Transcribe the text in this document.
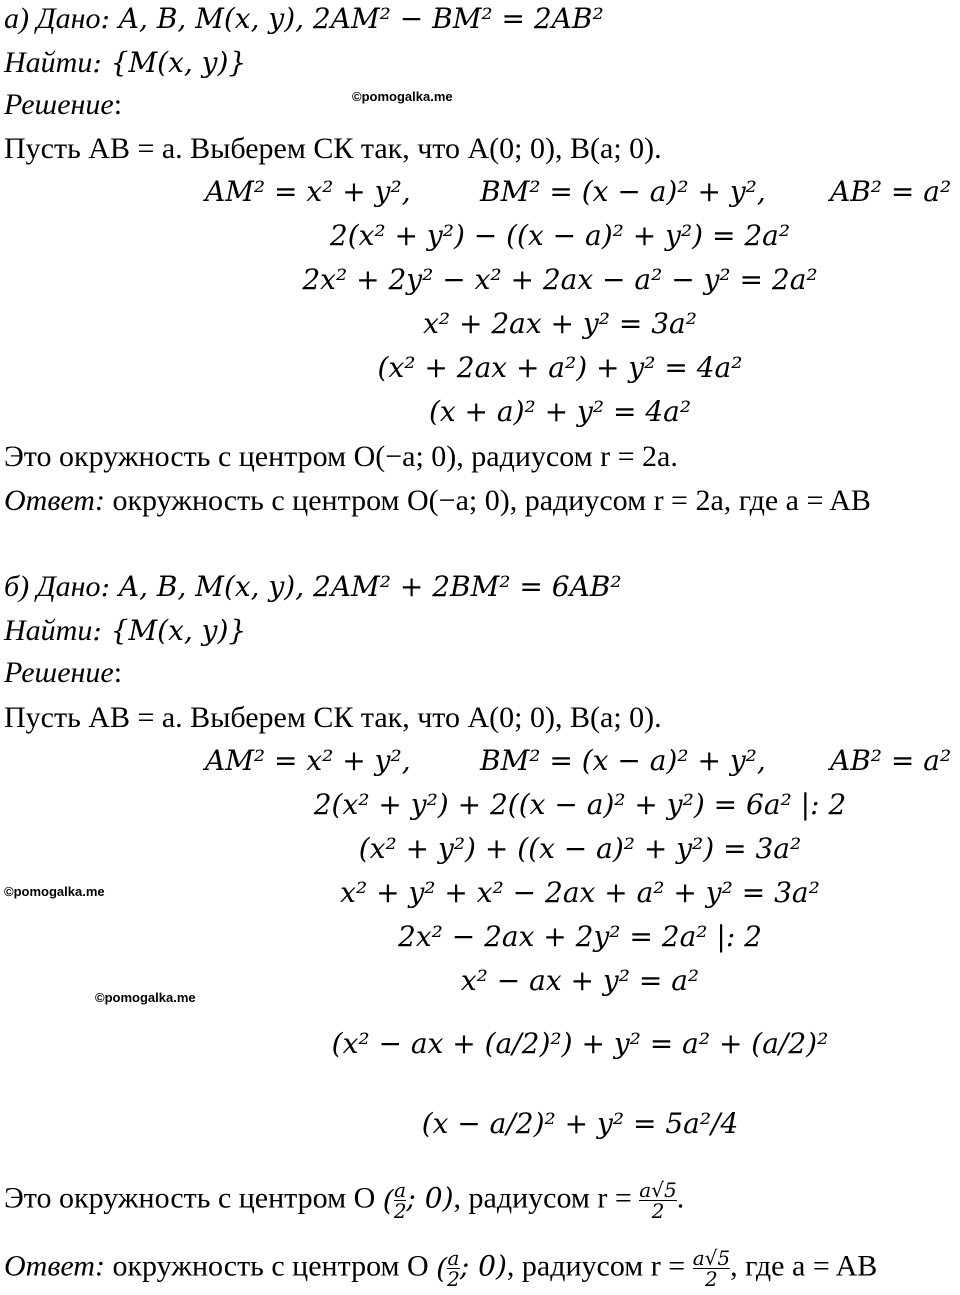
©pomogalka.me
©pomogalka.me
©pomogalka.me
а) Дано: A, B, M(x, y), 2AM² − BM² = 2AB²
Найти: {M(x, y)}
Решение:
Пусть AB = a. Выберем СК так, что A(0; 0), B(a; 0).
AM² = x² + y², BM² = (x − a)² + y², AB² = a²
2(x² + y²) − ((x − a)² + y²) = 2a²
2x² + 2y² − x² + 2ax − a² − y² = 2a²
x² + 2ax + y² = 3a²
(x² + 2ax + a²) + y² = 4a²
(x + a)² + y² = 4a²
Это окружность с центром O(−a; 0), радиусом r = 2a.
Ответ: окружность с центром O(−a; 0), радиусом r = 2a, где a = AB
б) Дано: A, B, M(x, y), 2AM² + 2BM² = 6AB²
Найти: {M(x, y)}
Решение:
Пусть AB = a. Выберем СК так, что A(0; 0), B(a; 0).
AM² = x² + y², BM² = (x − a)² + y², AB² = a²
2(x² + y²) + 2((x − a)² + y²) = 6a² |: 2
(x² + y²) + ((x − a)² + y²) = 3a²
x² + y² + x² − 2ax + a² + y² = 3a²
2x² − 2ax + 2y² = 2a² |: 2
x² − ax + y² = a²
(x² − ax + (a/2)²) + y² = a² + (a/2)²
(x − a/2)² + y² = 5a²/4
Это окружность с центром O ( $\frac{a}{2}$ ; 0), радиусом $r = \frac{a√5}{2}$ .
Ответ: окружность с центром O ( $\frac{a}{2}$ ; 0), радиусом $r = \frac{a√5}{2}$ , где a = AB
